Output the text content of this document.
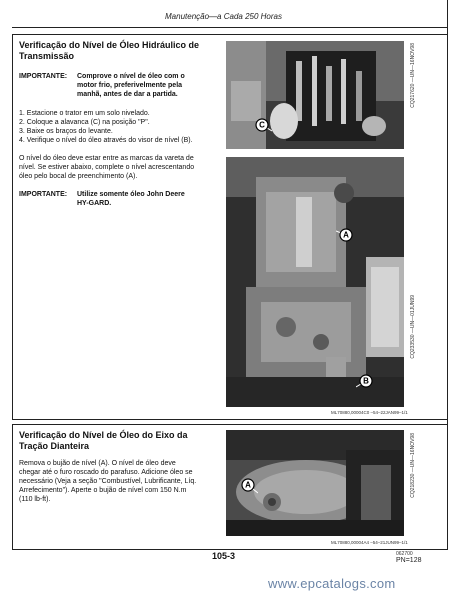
Manutenção—a Cada 250 Horas
Verificação do Nível de Óleo Hidráulico de
Transmissão
IMPORTANTE: Comprove o nível de óleo com o
motor frio, preferivelmente pela
manhã, antes de dar a partida.
1. Estacione o trator em um solo nivelado.
2. Coloque a alavanca (C) na posição "P".
3. Baixe os braços do levante.
4. Verifique o nível do óleo através do visor de nível (B).
O nível do óleo deve estar entre as marcas da vareta de
nível. Se estiver abaixo, complete o nível acrescentando
óleo pelo bocal de preenchimento (A).
IMPORTANTE: Utilize somente óleo John Deere
HY-GARD.
C
CQ217620 —UN—16NOV98
A
B
CQ233530 —UN—01JUN99
ML70880,00004C0 –54–22JAN99–1/1
Verificação do Nível de Óleo do Eixo da
Tração Dianteira
Remova o bujão de nível (A). O nível de óleo deve
chegar até o furo roscado do parafuso. Adicione óleo se
necessário (Veja a seção "Combustível, Lubrificante, Líq.
Arrefecimento"). Aperte o bujão de nível com 150 N.m
(110 lb-ft).
A	CQ218230 —UN—16NOV98
ML70880,00004A4 –54–21JUN99–1/1
105-3	062700
PN=128
www.epcatalogs.com
